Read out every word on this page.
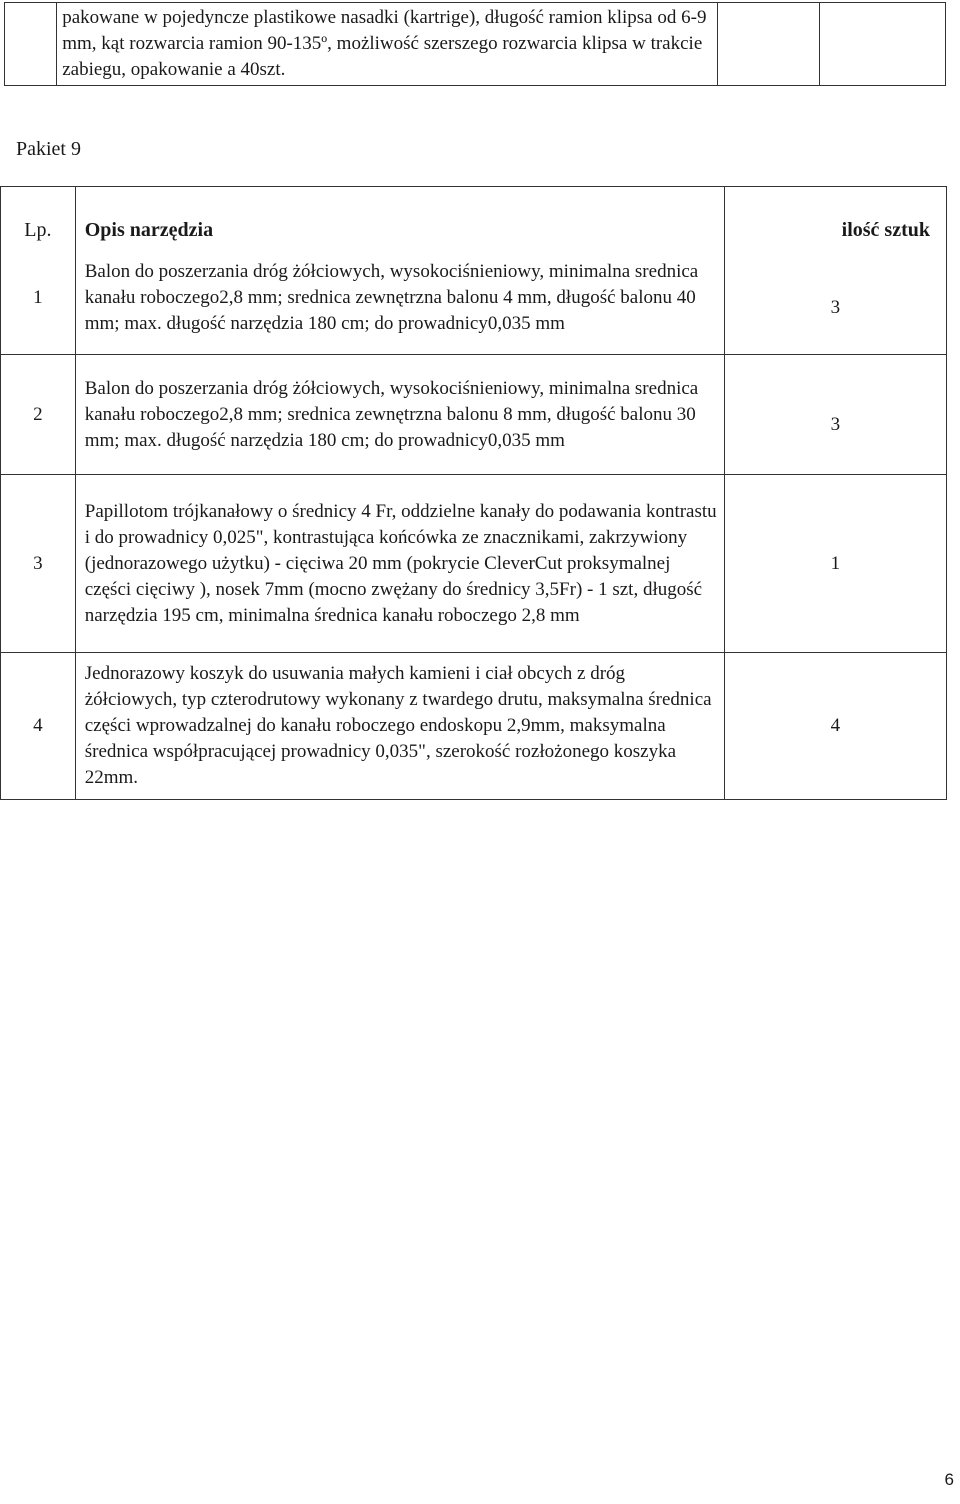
	pakowane w pojedyncze plastikowe nasadki (kartrige), długość ramion klipsa od 6-9 mm, kąt rozwarcia ramion 90-135º, możliwość szerszego rozwarcia klipsa w trakcie zabiegu, opakowanie a 40szt.		
Pakiet 9
Lp.	Opis narzędzia	ilość sztuk
1	Balon do poszerzania dróg żółciowych, wysokociśnieniowy, minimalna srednica kanału roboczego2,8 mm; srednica zewnętrzna balonu 4 mm, długość balonu 40 mm; max. długość narzędzia 180 cm; do prowadnicy0,035 mm	3
2	Balon do poszerzania dróg żółciowych, wysokociśnieniowy, minimalna srednica kanału roboczego2,8 mm; srednica zewnętrzna balonu 8 mm, długość balonu 30 mm; max. długość narzędzia 180 cm; do prowadnicy0,035 mm	3
3	Papillotom trójkanałowy o średnicy 4 Fr, oddzielne kanały do podawania kontrastu i do prowadnicy 0,025", kontrastująca końcówka ze znacznikami, zakrzywiony (jednorazowego użytku) - cięciwa 20 mm (pokrycie CleverCut proksymalnej części cięciwy ), nosek 7mm (mocno zwężany do średnicy 3,5Fr) - 1 szt, długość narzędzia 195 cm, minimalna średnica kanału roboczego 2,8 mm	1
4	Jednorazowy koszyk do usuwania małych kamieni i ciał obcych z dróg żółciowych, typ czterodrutowy wykonany z twardego drutu, maksymalna średnica części wprowadzalnej do kanału roboczego endoskopu 2,9mm, maksymalna średnica współpracującej prowadnicy 0,035", szerokość rozłożonego koszyka 22mm.	4
6
